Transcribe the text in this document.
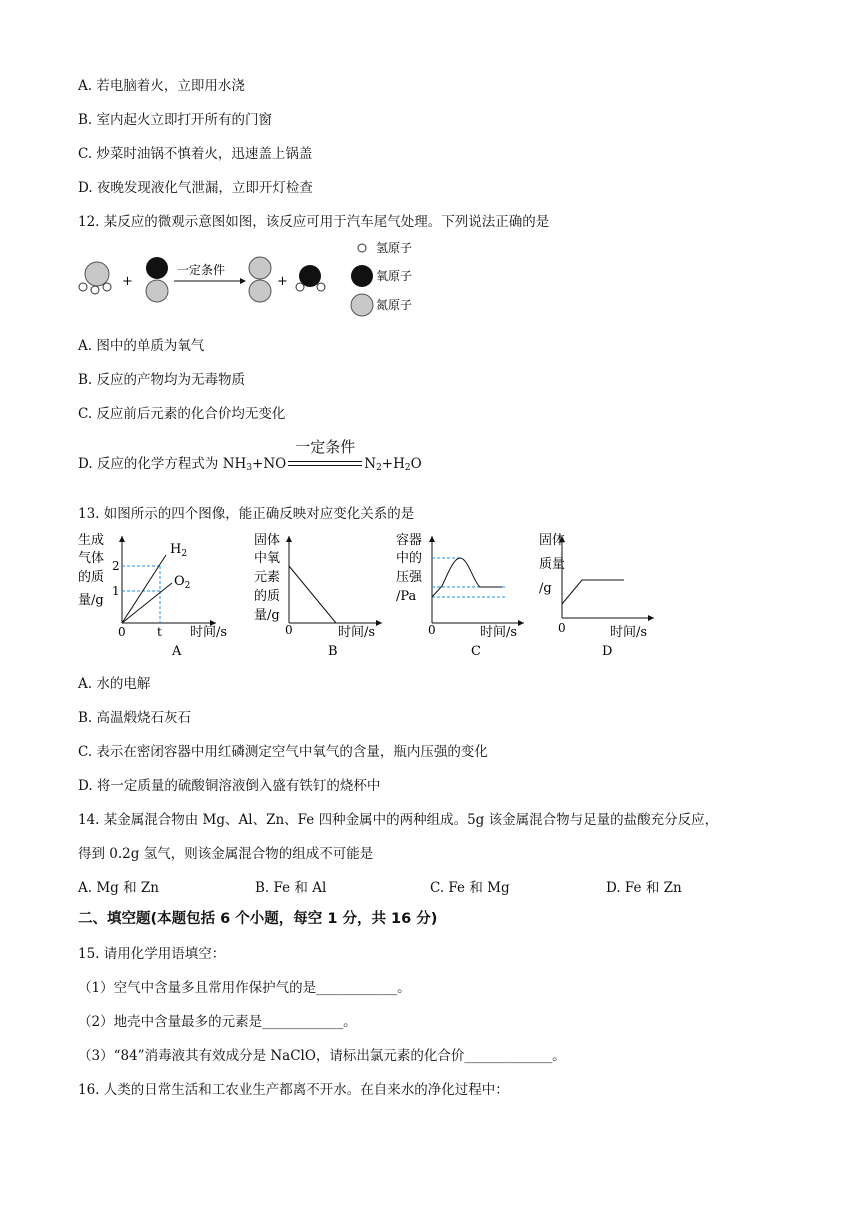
A. 若电脑着火，立即用水浇
B. 室内起火立即打开所有的门窗
C. 炒菜时油锅不慎着火，迅速盖上锅盖
D. 夜晚发现液化气泄漏，立即开灯检查
12. 某反应的微观示意图如图，该反应可用于汽车尾气处理。下列说法正确的是
+
一定条件
+
氢原子
氧原子
氮原子
A. 图中的单质为氧气
B. 反应的产物均为无毒物质
C. 反应前后元素的化合价均无变化
D. 反应的化学方程式为 $NH_3+NO$
一定条件
$N_2+H_2O$
13. 如图所示的四个图像，能正确反映对应变化关系的是
生成
气体
的质
量/g
2
1
0	t
$H_2$
$O_2$
时间/s
A
固体
中氧
元素
的质
量/g
0	时间/s
B
容器
中的
压强
/Pa
0	时间/s
C
固体
质量
/g
0	时间/s
D
A. 水的电解
B. 高温煅烧石灰石
C. 表示在密闭容器中用红磷测定空气中氧气的含量，瓶内压强的变化
D. 将一定质量的硫酸铜溶液倒入盛有铁钉的烧杯中
14. 某金属混合物由 Mg、Al、Zn、Fe 四种金属中的两种组成。5g 该金属混合物与足量的盐酸充分反应，
得到 0.2g 氢气，则该金属混合物的组成不可能是
A. Mg 和 Zn	B. Fe 和 Al	C. Fe 和 Mg	D. Fe 和 Zn
二、填空题(本题包括 6 个小题，每空 1 分，共 16 分)
15. 请用化学用语填空：
（1）空气中含量多且常用作保护气的是____________。
（2）地壳中含量最多的元素是____________。
（3）“84”消毒液其有效成分是 NaClO，请标出氯元素的化合价_____________。
16. 人类的日常生活和工农业生产都离不开水。在自来水的净化过程中：
